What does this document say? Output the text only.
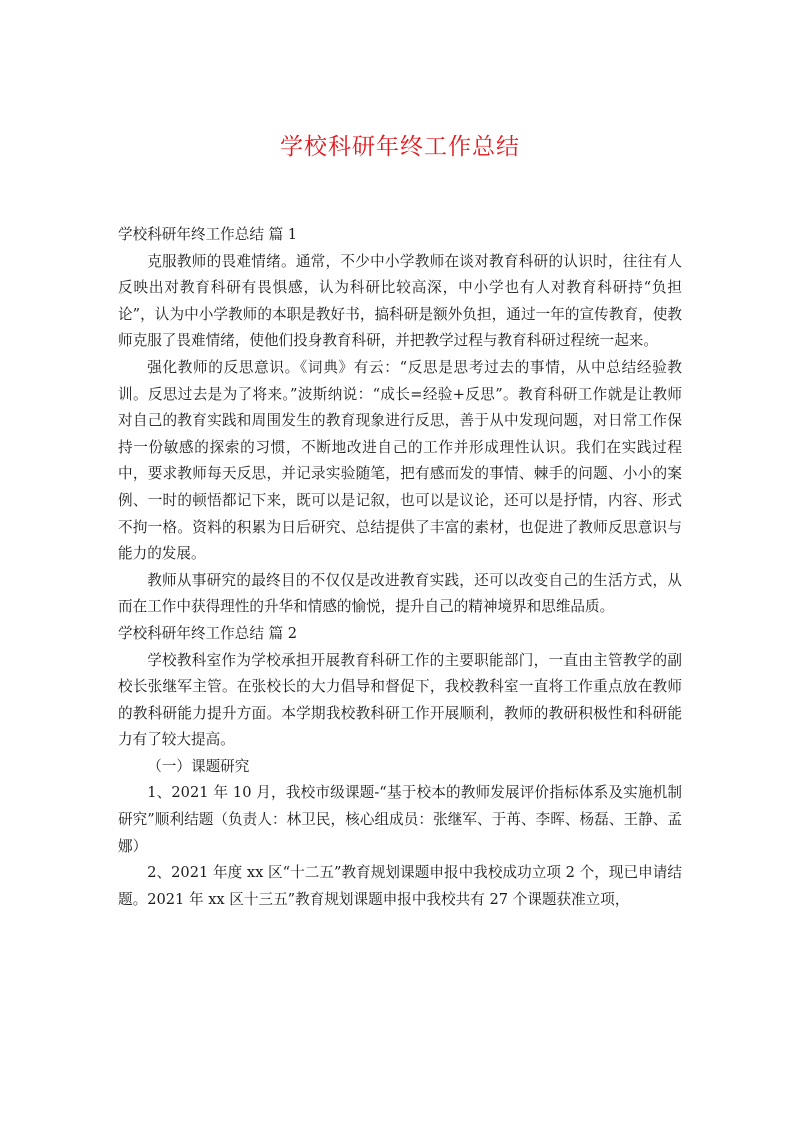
学校科研年终工作总结

学校科研年终工作总结 篇 1

克服教师的畏难情绪。通常，不少中小学教师在谈对教育科研的认识时，往往有人反映出对教育科研有畏惧感，认为科研比较高深，中小学也有人对教育科研持“负担论”，认为中小学教师的本职是教好书，搞科研是额外负担，通过一年的宣传教育，使教师克服了畏难情绪，使他们投身教育科研，并把教学过程与教育科研过程统一起来。

强化教师的反思意识。《词典》有云：“反思是思考过去的事情，从中总结经验教训。反思过去是为了将来。”波斯纳说：“成长=经验+反思”。教育科研工作就是让教师对自己的教育实践和周围发生的教育现象进行反思，善于从中发现问题，对日常工作保持一份敏感的探索的习惯，不断地改进自己的工作并形成理性认识。我们在实践过程中，要求教师每天反思，并记录实验随笔，把有感而发的事情、棘手的问题、小小的案例、一时的顿悟都记下来，既可以是记叙，也可以是议论，还可以是抒情，内容、形式不拘一格。资料的积累为日后研究、总结提供了丰富的素材，也促进了教师反思意识与能力的发展。

教师从事研究的最终目的不仅仅是改进教育实践，还可以改变自己的生活方式，从而在工作中获得理性的升华和情感的愉悦，提升自己的精神境界和思维品质。

学校科研年终工作总结 篇 2

学校教科室作为学校承担开展教育科研工作的主要职能部门，一直由主管教学的副校长张继军主管。在张校长的大力倡导和督促下，我校教科室一直将工作重点放在教师的教科研能力提升方面。本学期我校教科研工作开展顺利，教师的教研积极性和科研能力有了较大提高。

（一）课题研究

1、2021 年 10 月，我校市级课题-“基于校本的教师发展评价指标体系及实施机制研究”顺利结题（负责人：林卫民，核心组成员：张继军、于苒、李晖、杨磊、王静、孟娜）

2、2021 年度 xx 区“十二五”教育规划课题申报中我校成功立项 2 个，现已申请结题。2021 年 xx 区十三五”教育规划课题申报中我校共有 27 个课题获准立项，
